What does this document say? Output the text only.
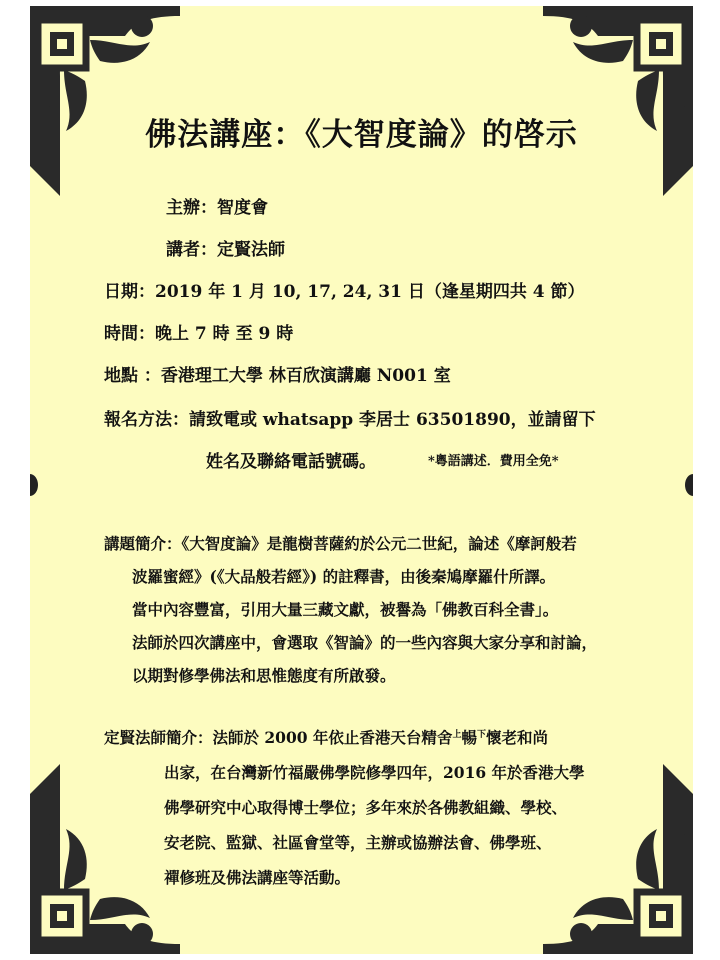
佛法講座：《大智度論》的啓示
主辦：智度會
講者：定賢法師
日期：2019 年 1 月 10, 17, 24, 31 日（逢星期四共 4 節）
時間：晚上 7 時 至 9 時
地點 ：香港理工大學 林百欣演講廳 N001 室
報名方法：請致電或 whatsapp 李居士 63501890，並請留下
姓名及聯絡電話號碼。	*粵語講述．費用全免*
講題簡介：《大智度論》是龍樹菩薩約於公元二世紀，論述《摩訶般若
波羅蜜經》(《大品般若經》) 的註釋書，由後秦鳩摩羅什所譯。
當中內容豐富，引用大量三藏文獻，被譽為「佛教百科全書」。
法師於四次講座中，會選取《智論》的一些內容與大家分享和討論，
以期對修學佛法和思惟態度有所啟發。
定賢法師簡介：法師於 2000 年依止香港天台精舍$^上$暢$^下$懷老和尚
出家，在台灣新竹福嚴佛學院修學四年，2016 年於香港大學
佛學研究中心取得博士學位；多年來於各佛教組織、學校、
安老院、監獄、社區會堂等，主辦或協辦法會、佛學班、
禪修班及佛法講座等活動。
